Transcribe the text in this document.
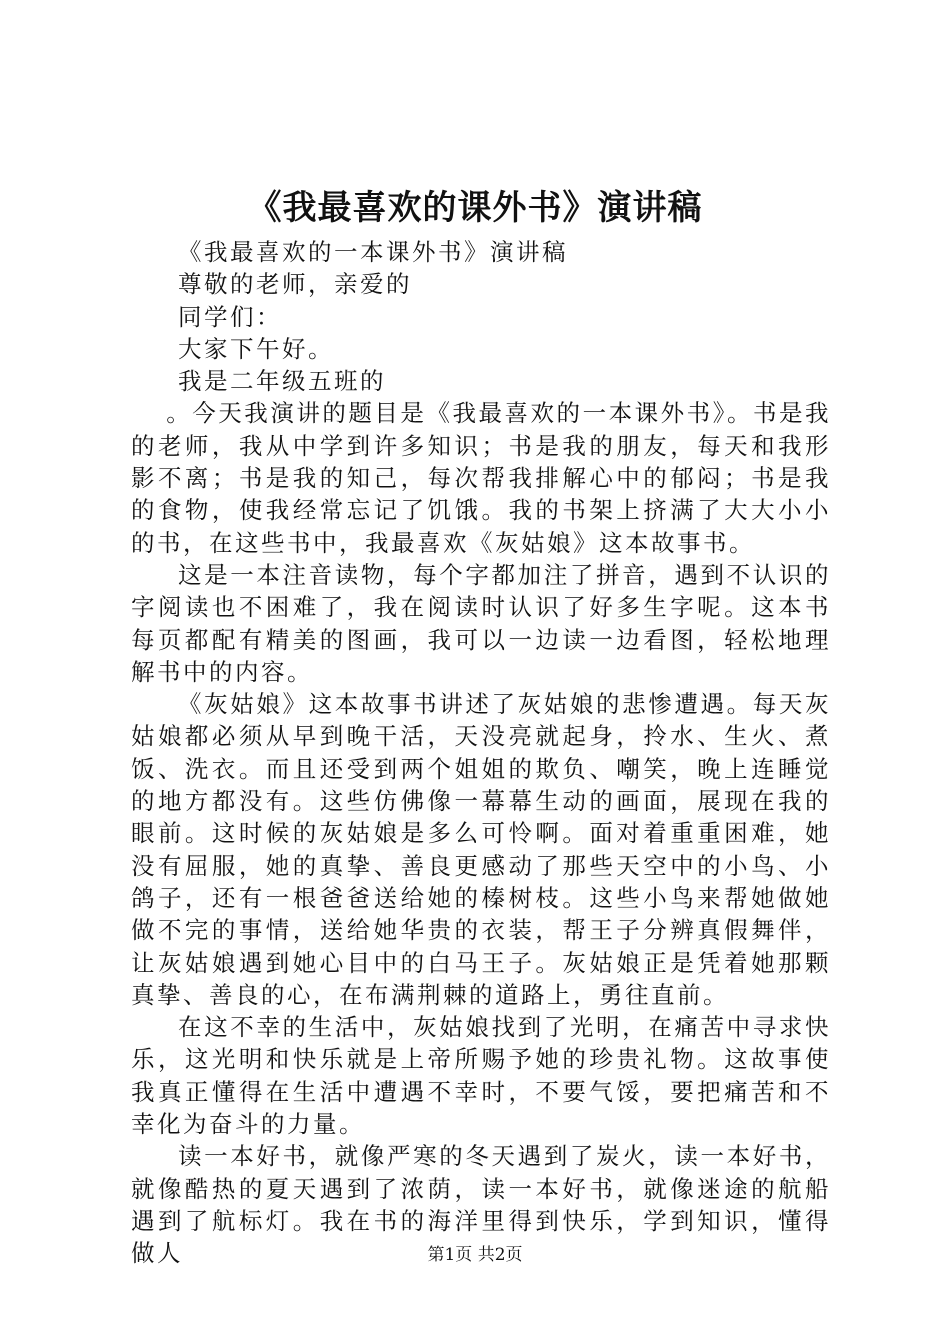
《我最喜欢的课外书》演讲稿

《我最喜欢的一本课外书》演讲稿

尊敬的老师，亲爱的

同学们：

大家下午好。

我是二年级五班的

。今天我演讲的题目是《我最喜欢的一本课外书》。书是我的老师，我从中学到许多知识；书是我的朋友，每天和我形影不离；书是我的知己，每次帮我排解心中的郁闷；书是我的食物，使我经常忘记了饥饿。我的书架上挤满了大大小小的书，在这些书中，我最喜欢《灰姑娘》这本故事书。

这是一本注音读物，每个字都加注了拼音，遇到不认识的字阅读也不困难了，我在阅读时认识了好多生字呢。这本书每页都配有精美的图画，我可以一边读一边看图，轻松地理解书中的内容。

《灰姑娘》这本故事书讲述了灰姑娘的悲惨遭遇。每天灰姑娘都必须从早到晚干活，天没亮就起身，拎水、生火、煮饭、洗衣。而且还受到两个姐姐的欺负、嘲笑，晚上连睡觉的地方都没有。这些仿佛像一幕幕生动的画面，展现在我的眼前。这时候的灰姑娘是多么可怜啊。面对着重重困难，她没有屈服，她的真挚、善良更感动了那些天空中的小鸟、小鸽子，还有一根爸爸送给她的榛树枝。这些小鸟来帮她做她做不完的事情，送给她华贵的衣装，帮王子分辨真假舞伴，让灰姑娘遇到她心目中的白马王子。灰姑娘正是凭着她那颗真挚、善良的心，在布满荆棘的道路上，勇往直前。

在这不幸的生活中，灰姑娘找到了光明，在痛苦中寻求快乐，这光明和快乐就是上帝所赐予她的珍贵礼物。这故事使我真正懂得在生活中遭遇不幸时，不要气馁，要把痛苦和不幸化为奋斗的力量。

读一本好书，就像严寒的冬天遇到了炭火，读一本好书，就像酷热的夏天遇到了浓荫，读一本好书，就像迷途的航船遇到了航标灯。我在书的海洋里得到快乐，学到知识，懂得做人	第1页 共2页
